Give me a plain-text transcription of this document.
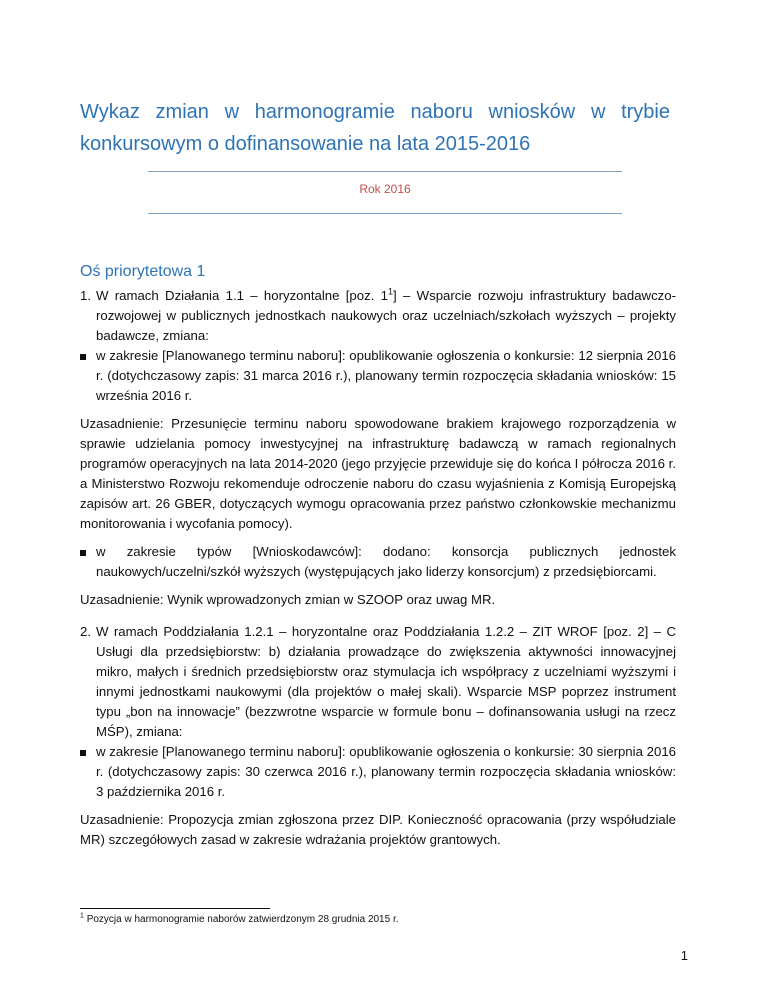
Wykaz zmian w harmonogramie naboru wniosków w trybie
konkursowym o dofinansowanie na lata 2015-2016
Rok 2016
Oś priorytetowa 1
1. W ramach Działania 1.1 – horyzontalne [poz. $1^1$] – Wsparcie rozwoju infrastruktury badawczo-rozwojowej w publicznych jednostkach naukowych oraz uczelniach/szkołach wyższych – projekty badawcze, zmiana:
w zakresie [Planowanego terminu naboru]: opublikowanie ogłoszenia o konkursie: 12 sierpnia 2016 r. (dotychczasowy zapis: 31 marca 2016 r.), planowany termin rozpoczęcia składania wniosków: 15 września 2016 r.

Uzasadnienie: Przesunięcie terminu naboru spowodowane brakiem krajowego rozporządzenia w sprawie udzielania pomocy inwestycyjnej na infrastrukturę badawczą w ramach regionalnych programów operacyjnych na lata 2014-2020 (jego przyjęcie przewiduje się do końca I półrocza 2016 r. a Ministerstwo Rozwoju rekomenduje odroczenie naboru do czasu wyjaśnienia z Komisją Europejską zapisów art. 26 GBER, dotyczących wymogu opracowania przez państwo członkowskie mechanizmu monitorowania i wycofania pomocy).

w zakresie typów [Wnioskodawców]: dodano: konsorcja publicznych jednostek naukowych/uczelni/szkół wyższych (występujących jako liderzy konsorcjum) z przedsiębiorcami.

Uzasadnienie: Wynik wprowadzonych zmian w SZOOP oraz uwag MR.

2. W ramach Poddziałania 1.2.1 – horyzontalne oraz Poddziałania 1.2.2 – ZIT WROF [poz. 2] – C Usługi dla przedsiębiorstw: b) działania prowadzące do zwiększenia aktywności innowacyjnej mikro, małych i średnich przedsiębiorstw oraz stymulacja ich współpracy z uczelniami wyższymi i innymi jednostkami naukowymi (dla projektów o małej skali). Wsparcie MSP poprzez instrument typu „bon na innowacje” (bezzwrotne wsparcie w formule bonu – dofinansowania usługi na rzecz MŚP), zmiana:
w zakresie [Planowanego terminu naboru]: opublikowanie ogłoszenia o konkursie: 30 sierpnia 2016 r. (dotychczasowy zapis: 30 czerwca 2016 r.), planowany termin rozpoczęcia składania wniosków: 3 października 2016 r.

Uzasadnienie: Propozycja zmian zgłoszona przez DIP. Konieczność opracowania (przy współudziale MR) szczegółowych zasad w zakresie wdrażania projektów grantowych.

$^1$ Pozycja w harmonogramie naborów zatwierdzonym 28 grudnia 2015 r.
1
